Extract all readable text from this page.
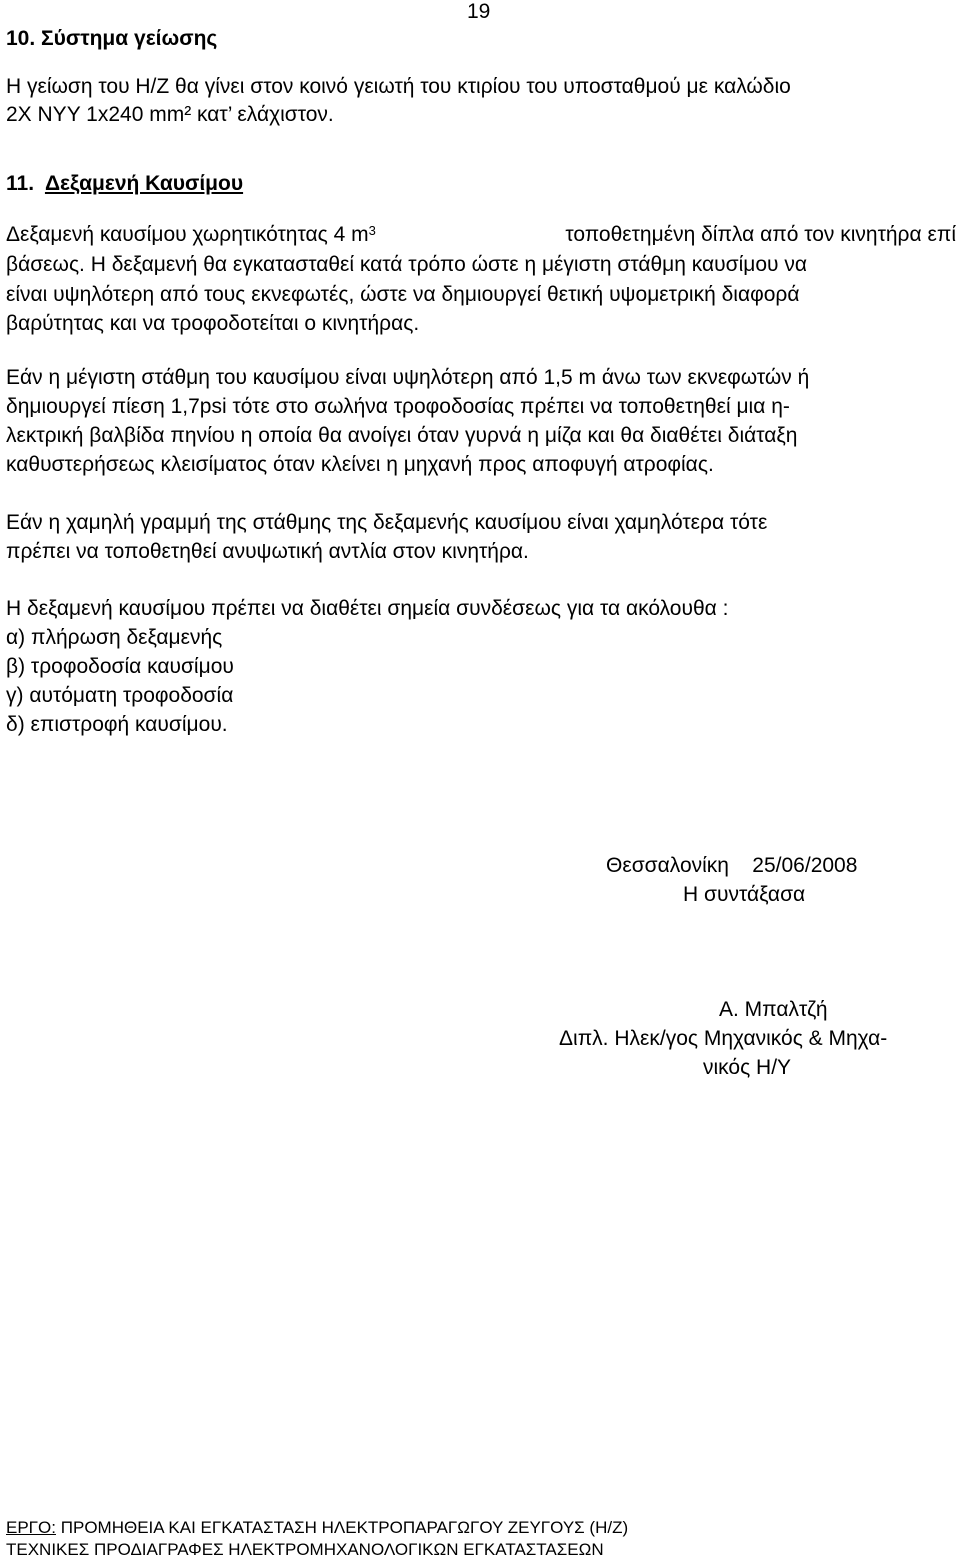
19
10. Σύστημα γείωσης
Η γείωση του Η/Ζ θα γίνει στον κοινό γειωτή του κτιρίου του υποσταθμού με καλώδιο
2X NYY 1x240 mm² κατ’ ελάχιστον.
11. Δεξαμενή Καυσίμου
Δεξαμενή καυσίμου χωρητικότητας 4 $m^3$	τοποθετημένη δίπλα από τον κινητήρα επί
βάσεως. Η δεξαμενή θα εγκατασταθεί κατά τρόπο ώστε η μέγιστη στάθμη καυσίμου να
είναι υψηλότερη από τους εκνεφωτές, ώστε να δημιουργεί θετική υψομετρική διαφορά
βαρύτητας και να τροφοδοτείται ο κινητήρας.
Εάν η μέγιστη στάθμη του καυσίμου είναι υψηλότερη από 1,5 m άνω των εκνεφωτών ή
δημιουργεί πίεση 1,7psi τότε στο σωλήνα τροφοδοσίας πρέπει να τοποθετηθεί μια η-
λεκτρική βαλβίδα πηνίου η οποία θα ανοίγει όταν γυρνά η μίζα και θα διαθέτει διάταξη
καθυστερήσεως κλεισίματος όταν κλείνει η μηχανή προς αποφυγή ατροφίας.
Εάν η χαμηλή γραμμή της στάθμης της δεξαμενής καυσίμου είναι χαμηλότερα τότε
πρέπει να τοποθετηθεί ανυψωτική αντλία στον κινητήρα.
Η δεξαμενή καυσίμου πρέπει να διαθέτει σημεία συνδέσεως για τα ακόλουθα :
α) πλήρωση δεξαμενής
β) τροφοδοσία καυσίμου
γ) αυτόματη τροφοδοσία
δ) επιστροφή καυσίμου.
Θεσσαλονίκη    25/06/2008
Η συντάξασα
Α. Μπαλτζή
Διπλ. Ηλεκ/γος Μηχανικός & Μηχα-
νικός Η/Υ
ΕΡΓΟ: ΠΡΟΜΗΘΕΙΑ ΚΑΙ ΕΓΚΑΤΑΣΤΑΣΗ ΗΛΕΚΤΡΟΠΑΡΑΓΩΓΟΥ ΖΕΥΓΟΥΣ (Η/Ζ)
ΤΕΧΝΙΚΕΣ ΠΡΟΔΙΑΓΡΑΦΕΣ ΗΛΕΚΤΡΟΜΗΧΑΝΟΛΟΓΙΚΩΝ ΕΓΚΑΤΑΣΤΑΣΕΩΝ
